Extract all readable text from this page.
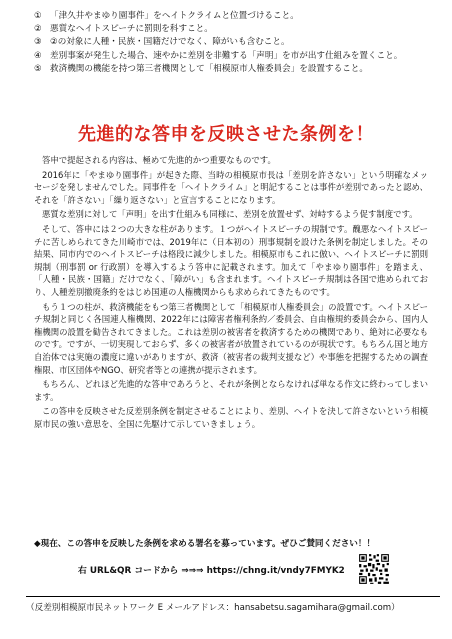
① 「津久井やまゆり園事件」をヘイトクライムと位置づけること。
② 悪質なヘイトスピーチに罰則を科すこと。
③ ②の対象に人種・民族・国籍だけでなく、障がいも含むこと。
④ 差別事案が発生した場合、速やかに差別を非難する「声明」を市が出す仕組みを置くこと。
⑤ 救済機関の機能を持つ第三者機関として「相模原市人権委員会」を設置すること。
先進的な答申を反映させた条例を！

答申で提起される内容は、極めて先進的かつ重要なものです。

2016年に「やまゆり園事件」が起きた際、当時の相模原市長は「差別を許さない」という明確なメッセージを発しませんでした。同事件を「ヘイトクライム」と明記することは事件が差別であったと認め、それを「許さない」「繰り返さない」と宣言することになります。

悪質な差別に対して「声明」を出す仕組みも同様に、差別を放置せず、対峙するよう促す制度です。

そして、答申には２つの大きな柱があります。１つがヘイトスピーチの規制です。醜悪なヘイトスピーチに苦しめられてきた川崎市では、2019年に（日本初の）刑事規制を設けた条例を制定しました。その結果、同市内でのヘイトスピーチは格段に減少しました。相模原市もこれに倣い、ヘイトスピーチに罰則規制（刑事罰 or 行政罰）を導入するよう答申に記載されます。加えて「やまゆり園事件」を踏まえ、「人種・民族・国籍」だけでなく、「障がい」も含まれます。ヘイトスピーチ規制は各国で進められており、人種差別撤廃条約をはじめ国連の人権機関からも求められてきたものです。

もう１つの柱が、救済機能をもつ第三者機関として「相模原市人権委員会」の設置です。ヘイトスピーチ規制と同じく各国連人権機関、2022年には障害者権利条約／委員会、自由権規約委員会から、国内人権機関の設置を勧告されてきました。これは差別の被害者を救済するための機関であり、絶対に必要なものです。ですが、一切実現しておらず、多くの被害者が放置されているのが現状です。もちろん国と地方自治体では実施の濃度に違いがありますが、救済（被害者の裁判支援など）や事態を把握するための調査権限、市区団体やNGO、研究者等との連携が提示されます。

もちろん、どれほど先進的な答申であろうと、それが条例とならなければ単なる作文に終わってしまいます。

この答申を反映させた反差別条例を制定させることにより、差別、ヘイトを決して許さないという相模原市民の強い意思を、全国に先駆けて示していきましょう。

◆現在、この答申を反映した条例を求める署名を募っています。ぜひご賛同ください！！
右 URL&QR コードから ⇒⇒⇒ https://chng.it/vndy7FMYK2
（反差別相模原市民ネットワーク E メールアドレス：hansabetsu.sagamihara@gmail.com）
